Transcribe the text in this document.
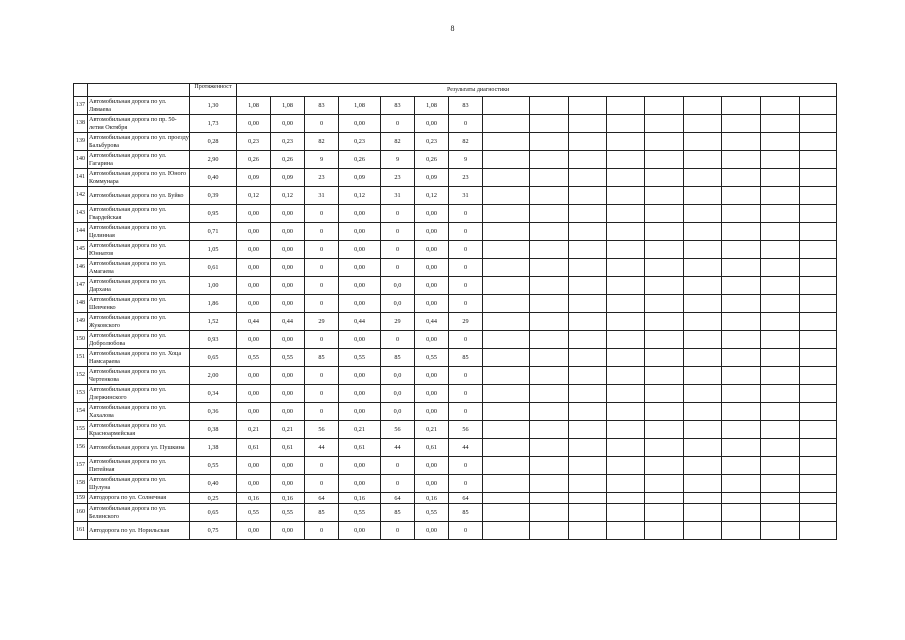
8
		Протяженност	Результаты диагностики															
137	Автомобильная дорога по ул. Лямаева	1,30	1,08	1,08	83	1,08	83	1,08	83									
138	Автомобильная дорога по пр. 50-летия Октября	1,73	0,00	0,00	0	0,00	0	0,00	0									
139	Автомобильная дорога по ул. проезду Бальбурова	0,28	0,23	0,23	82	0,23	82	0,23	82									
140	Автомобильная дорога по ул. Гагарина	2,90	0,26	0,26	9	0,26	9	0,26	9									
141	Автомобильная дорога по ул. Юного Коммунара	0,40	0,09	0,09	23	0,09	23	0,09	23									
142	Автомобильная дорога по ул. Буйко	0,39	0,12	0,12	31	0,12	31	0,12	31									
143	Автомобильная дорога по ул. Гвардейская	0,95	0,00	0,00	0	0,00	0	0,00	0									
144	Автомобильная дорога по ул. Целинная	0,71	0,00	0,00	0	0,00	0	0,00	0									
145	Автомобильная дорога по ул. Юннатов	1,05	0,00	0,00	0	0,00	0	0,00	0									
146	Автомобильная дорога по ул. Амагаева	0,61	0,00	0,00	0	0,00	0	0,00	0									
147	Автомобильная дорога по ул. Дархана	1,00	0,00	0,00	0	0,00	0,0	0,00	0									
148	Автомобильная дорога по ул. Шевченко	1,86	0,00	0,00	0	0,00	0,0	0,00	0									
149	Автомобильная дорога по ул. Жуковского	1,52	0,44	0,44	29	0,44	29	0,44	29									
150	Автомобильная дорога по ул. Добролюбова	0,93	0,00	0,00	0	0,00	0	0,00	0									
151	Автомобильная дорога по ул. Хоца Намсараева	0,65	0,55	0,55	85	0,55	85	0,55	85									
152	Автомобильная дорога по ул. Чертенкова	2,00	0,00	0,00	0	0,00	0,0	0,00	0									
153	Автомобильная дорога по ул. Дзержинского	0,34	0,00	0,00	0	0,00	0,0	0,00	0									
154	Автомобильная дорога по ул. Хахалова	0,36	0,00	0,00	0	0,00	0,0	0,00	0									
155	Автомобильная дорога по ул. Красноармейская	0,38	0,21	0,21	56	0,21	56	0,21	56									
156	Автомобильная дорога ул. Пушкина	1,38	0,61	0,61	44	0,61	44	0,61	44									
157	Автомобильная дорога по ул. Питейная	0,55	0,00	0,00	0	0,00	0	0,00	0									
158	Автомобильная дорога по ул. Шулуна	0,40	0,00	0,00	0	0,00	0	0,00	0									
159	Автодорога по ул. Солнечная	0,25	0,16	0,16	64	0,16	64	0,16	64									
160	Автомобильная дорога по ул. Белинского	0,65	0,55	0,55	85	0,55	85	0,55	85									
161	Автодорога по ул. Норильская	0,75	0,00	0,00	0	0,00	0	0,00	0									
